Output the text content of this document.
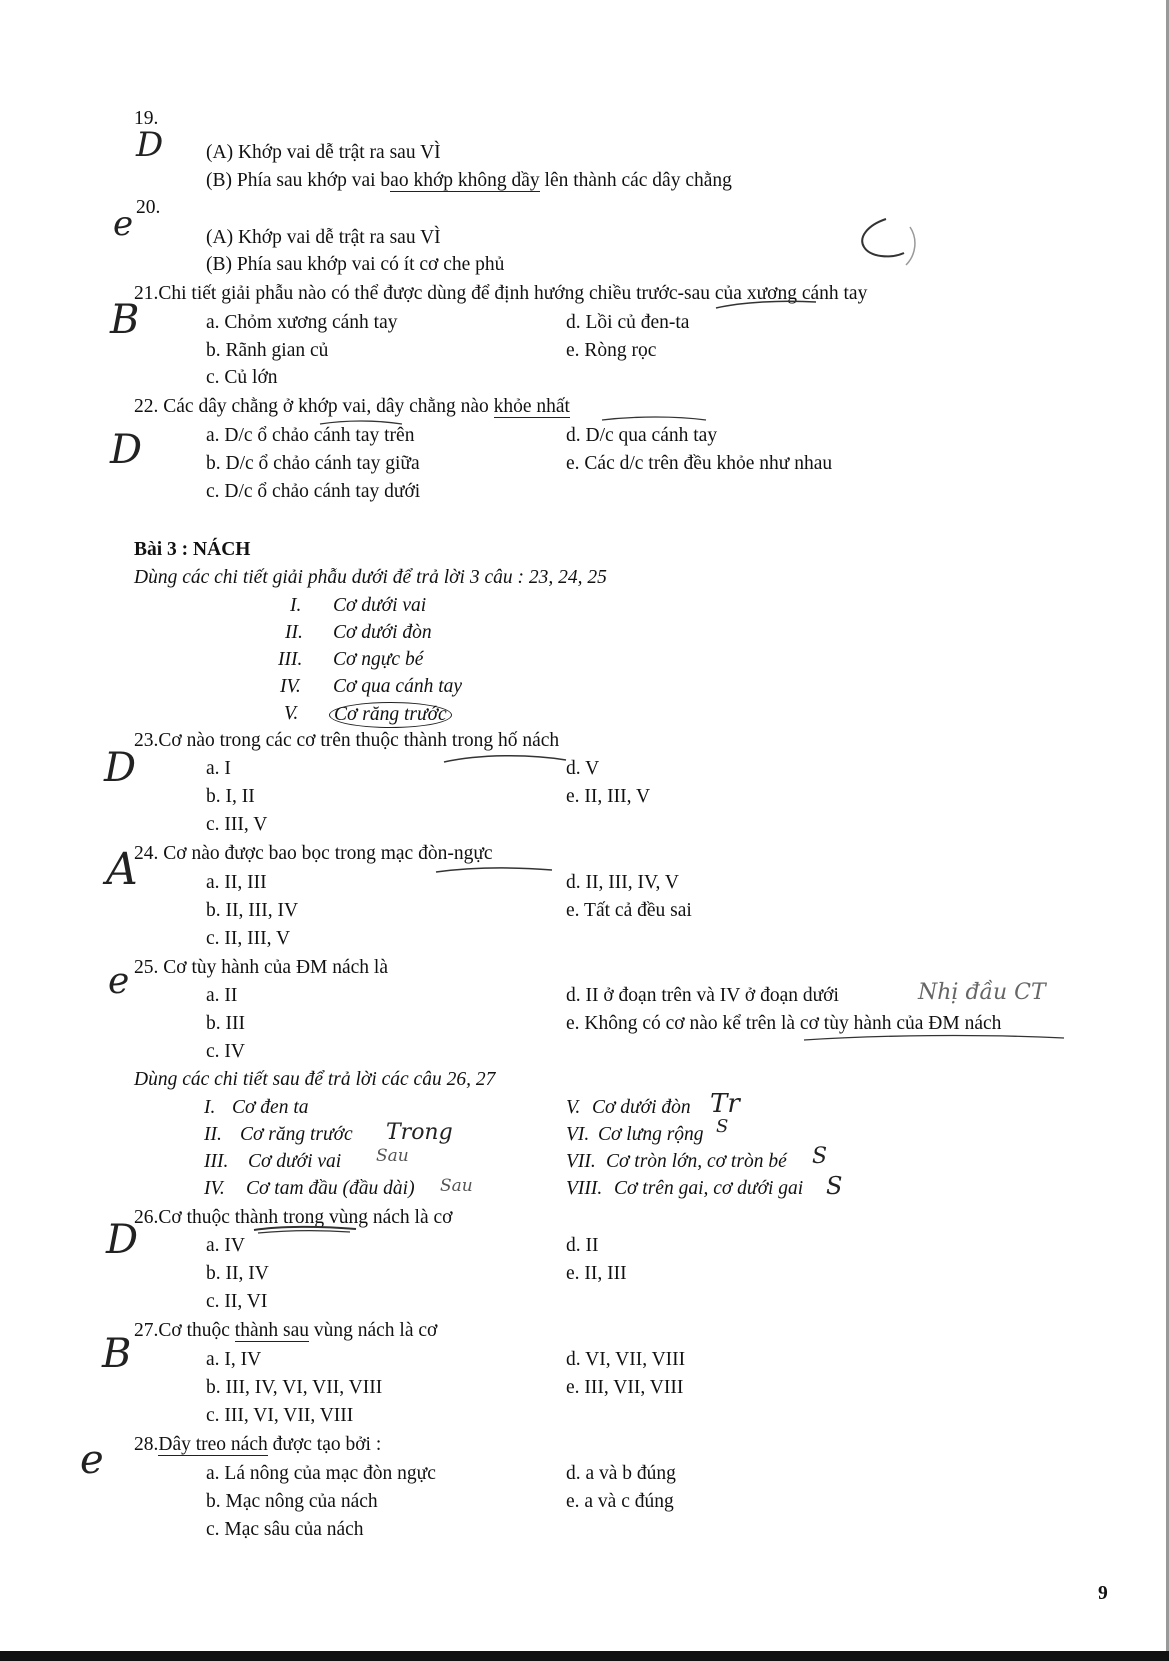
19.
D (A) Khớp vai dễ trật ra sau VÌ
(B) Phía sau khớp vai bao khớp không dầy lên thành các dây chằng
e 20.
(A) Khớp vai dễ trật ra sau VÌ
(B) Phía sau khớp vai có ít cơ che phủ
21.Chi tiết giải phẫu nào có thể được dùng để định hướng chiều trước-sau của xương cánh tay
B	a. Chỏm xương cánh tay
b. Rãnh gian củ
c. Củ lớn
d. Lồi củ đen-ta
e. Ròng rọc
22. Các dây chằng ở khớp vai, dây chằng nào khỏe nhất
D	a. D/c ổ chảo cánh tay trên
b. D/c ổ chảo cánh tay giữa
c. D/c ổ chảo cánh tay dưới
d. D/c qua cánh tay
e. Các d/c trên đều khỏe như nhau
Bài 3 : NÁCH
Dùng các chi tiết giải phẫu dưới để trả lời 3 câu : 23, 24, 25
I. Cơ dưới vai
II. Cơ dưới đòn
III. Cơ ngực bé
IV. Cơ qua cánh tay
V. Cơ răng trước
23.Cơ nào trong các cơ trên thuộc thành trong hố nách
D	a. I
b. I, II
c. III, V
d. V
e. II, III, V
24. Cơ nào được bao bọc trong mạc đòn-ngực
A	a. II, III
b. II, III, IV
c. II, III, V
d. II, III, IV, V
e. Tất cả đều sai
25. Cơ tùy hành của ĐM nách là
e	a. II
b. III
c. IV
d. II ở đoạn trên và IV ở đoạn dưới
e. Không có cơ nào kể trên là cơ tùy hành của ĐM nách
Nhị đầu CT
Dùng các chi tiết sau để trả lời các câu 26, 27
I. Cơ đen ta
II. Cơ răng trước Trong
III. Cơ dưới vai Sau
IV. Cơ tam đầu (đầu dài) Sau
V. Cơ dưới đòn Tr
VI. Cơ lưng rộng S
VII. Cơ tròn lớn, cơ tròn bé S
VIII. Cơ trên gai, cơ dưới gai S
26.Cơ thuộc thành trong vùng nách là cơ
D	a. IV
b. II, IV
c. II, VI
d. II
e. II, III
27.Cơ thuộc thành sau vùng nách là cơ
B	a. I, IV
b. III, IV, VI, VII, VIII
c. III, VI, VII, VIII
d. VI, VII, VIII
e. III, VII, VIII
28.Dây treo nách được tạo bởi :
e	a. Lá nông của mạc đòn ngực
b. Mạc nông của nách
c. Mạc sâu của nách
d. a và b đúng
e. a và c đúng
9
